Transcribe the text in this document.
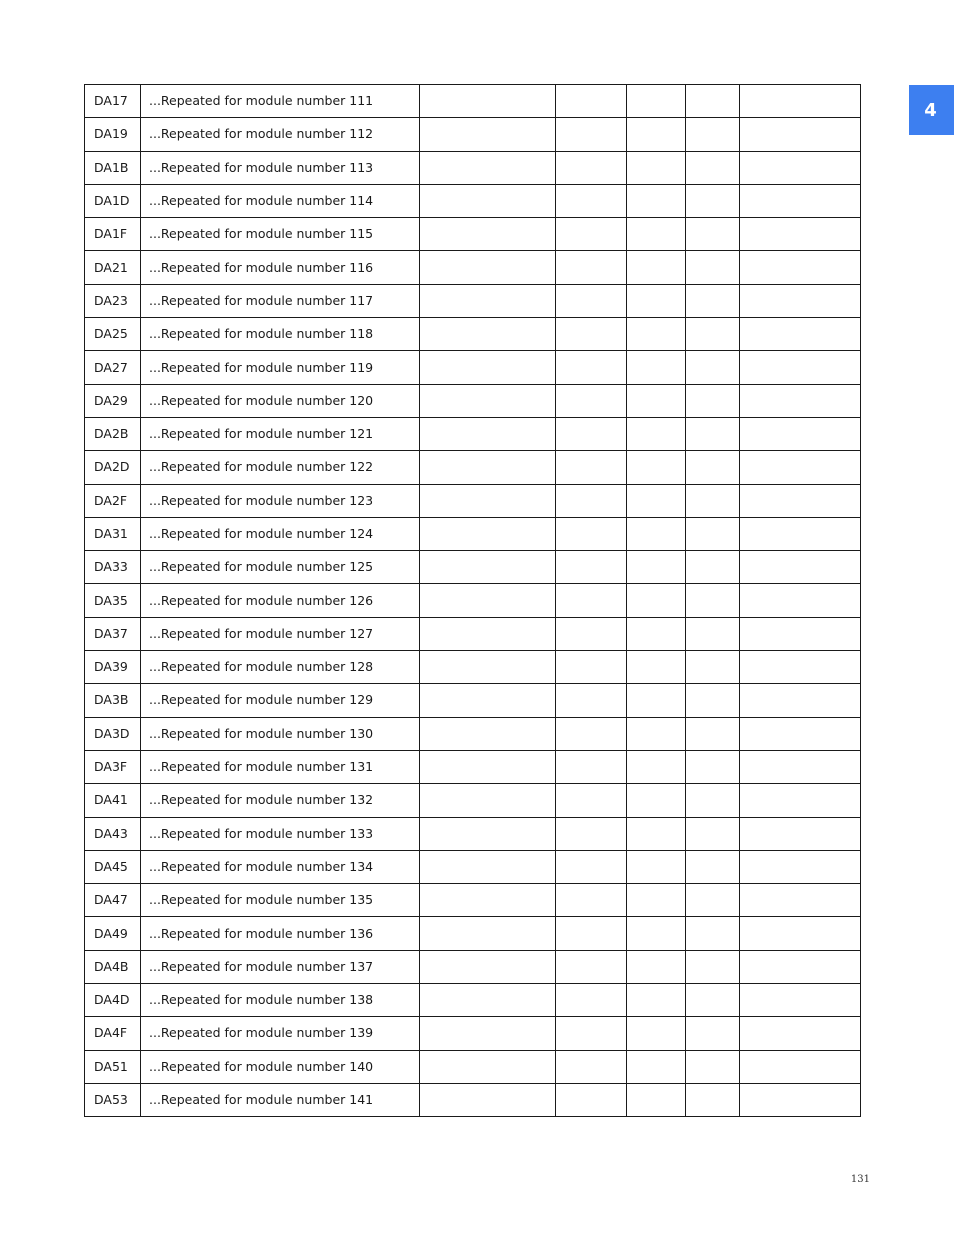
4
DA17	...Repeated for module number 111					
DA19	...Repeated for module number 112					
DA1B	...Repeated for module number 113					
DA1D	...Repeated for module number 114					
DA1F	...Repeated for module number 115					
DA21	...Repeated for module number 116					
DA23	...Repeated for module number 117					
DA25	...Repeated for module number 118					
DA27	...Repeated for module number 119					
DA29	...Repeated for module number 120					
DA2B	...Repeated for module number 121					
DA2D	...Repeated for module number 122					
DA2F	...Repeated for module number 123					
DA31	...Repeated for module number 124					
DA33	...Repeated for module number 125					
DA35	...Repeated for module number 126					
DA37	...Repeated for module number 127					
DA39	...Repeated for module number 128					
DA3B	...Repeated for module number 129					
DA3D	...Repeated for module number 130					
DA3F	...Repeated for module number 131					
DA41	...Repeated for module number 132					
DA43	...Repeated for module number 133					
DA45	...Repeated for module number 134					
DA47	...Repeated for module number 135					
DA49	...Repeated for module number 136					
DA4B	...Repeated for module number 137					
DA4D	...Repeated for module number 138					
DA4F	...Repeated for module number 139					
DA51	...Repeated for module number 140					
DA53	...Repeated for module number 141					
131
